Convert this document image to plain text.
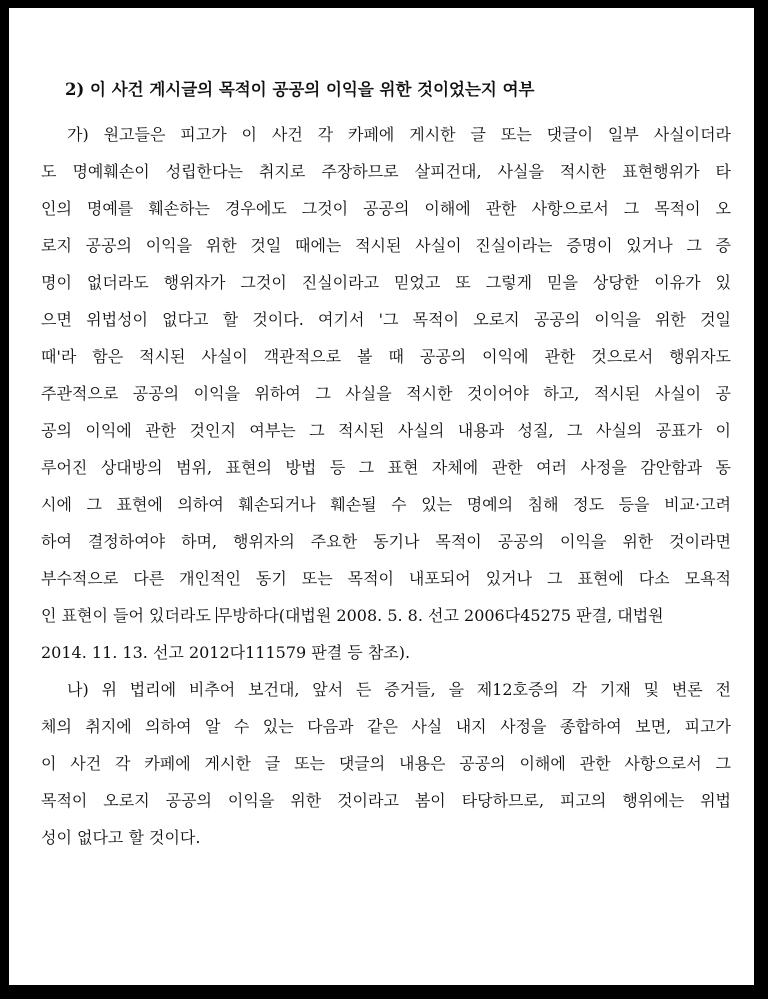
2) 이 사건 게시글의 목적이 공공의 이익을 위한 것이었는지 여부
가) 원고들은 피고가 이 사건 각 카페에 게시한 글 또는 댓글이 일부 사실이더라
도 명예훼손이 성립한다는 취지로 주장하므로 살피건대, 사실을 적시한 표현행위가 타
인의 명예를 훼손하는 경우에도 그것이 공공의 이해에 관한 사항으로서 그 목적이 오
로지 공공의 이익을 위한 것일 때에는 적시된 사실이 진실이라는 증명이 있거나 그 증
명이 없더라도 행위자가 그것이 진실이라고 믿었고 또 그렇게 믿을 상당한 이유가 있
으면 위법성이 없다고 할 것이다. 여기서 '그 목적이 오로지 공공의 이익을 위한 것일
때'라 함은 적시된 사실이 객관적으로 볼 때 공공의 이익에 관한 것으로서 행위자도
주관적으로 공공의 이익을 위하여 그 사실을 적시한 것이어야 하고, 적시된 사실이 공
공의 이익에 관한 것인지 여부는 그 적시된 사실의 내용과 성질, 그 사실의 공표가 이
루어진 상대방의 범위, 표현의 방법 등 그 표현 자체에 관한 여러 사정을 감안함과 동
시에 그 표현에 의하여 훼손되거나 훼손될 수 있는 명예의 침해 정도 등을 비교·고려
하여 결정하여야 하며, 행위자의 주요한 동기나 목적이 공공의 이익을 위한 것이라면
부수적으로 다른 개인적인 동기 또는 목적이 내포되어 있거나 그 표현에 다소 모욕적
인 표현이 들어 있더라도 무방하다(대법원 2008. 5. 8. 선고 2006다45275 판결, 대법원
2014. 11. 13. 선고 2012다111579 판결 등 참조).
나) 위 법리에 비추어 보건대, 앞서 든 증거들, 을 제12호증의 각 기재 및 변론 전
체의 취지에 의하여 알 수 있는 다음과 같은 사실 내지 사정을 종합하여 보면, 피고가
이 사건 각 카페에 게시한 글 또는 댓글의 내용은 공공의 이해에 관한 사항으로서 그
목적이 오로지 공공의 이익을 위한 것이라고 봄이 타당하므로, 피고의 행위에는 위법
성이 없다고 할 것이다.
